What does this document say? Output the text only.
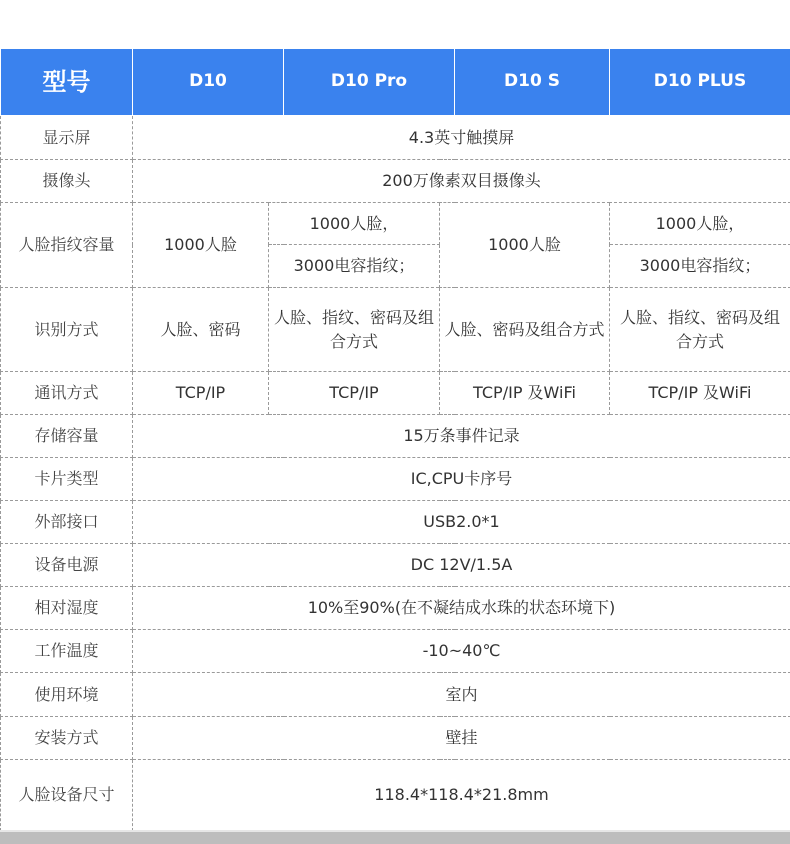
型号	D10		D10 Pro		D10 S	D10 PLUS
显示屏	4.3英寸触摸屏					
摄像头	200万像素双目摄像头					
人脸指纹容量	1000人脸	1000人脸，		1000人脸		1000人脸，
		3000电容指纹；				3000电容指纹；
识别方式	人脸、密码	人脸、指纹、密码及组合方式		人脸、密码及组合方式		人脸、指纹、密码及组合方式
通讯方式	TCP/IP	TCP/IP		TCP/IP 及WiFi		TCP/IP 及WiFi
存储容量	15万条事件记录					
卡片类型	IC,CPU卡序号					
外部接口	USB2.0*1					
设备电源	DC 12V/1.5A					
相对湿度	10%至90%(在不凝结成水珠的状态环境下)					
工作温度	-10~40℃					
使用环境	室内					
安装方式	壁挂					
人脸设备尺寸	118.4*118.4*21.8mm					
